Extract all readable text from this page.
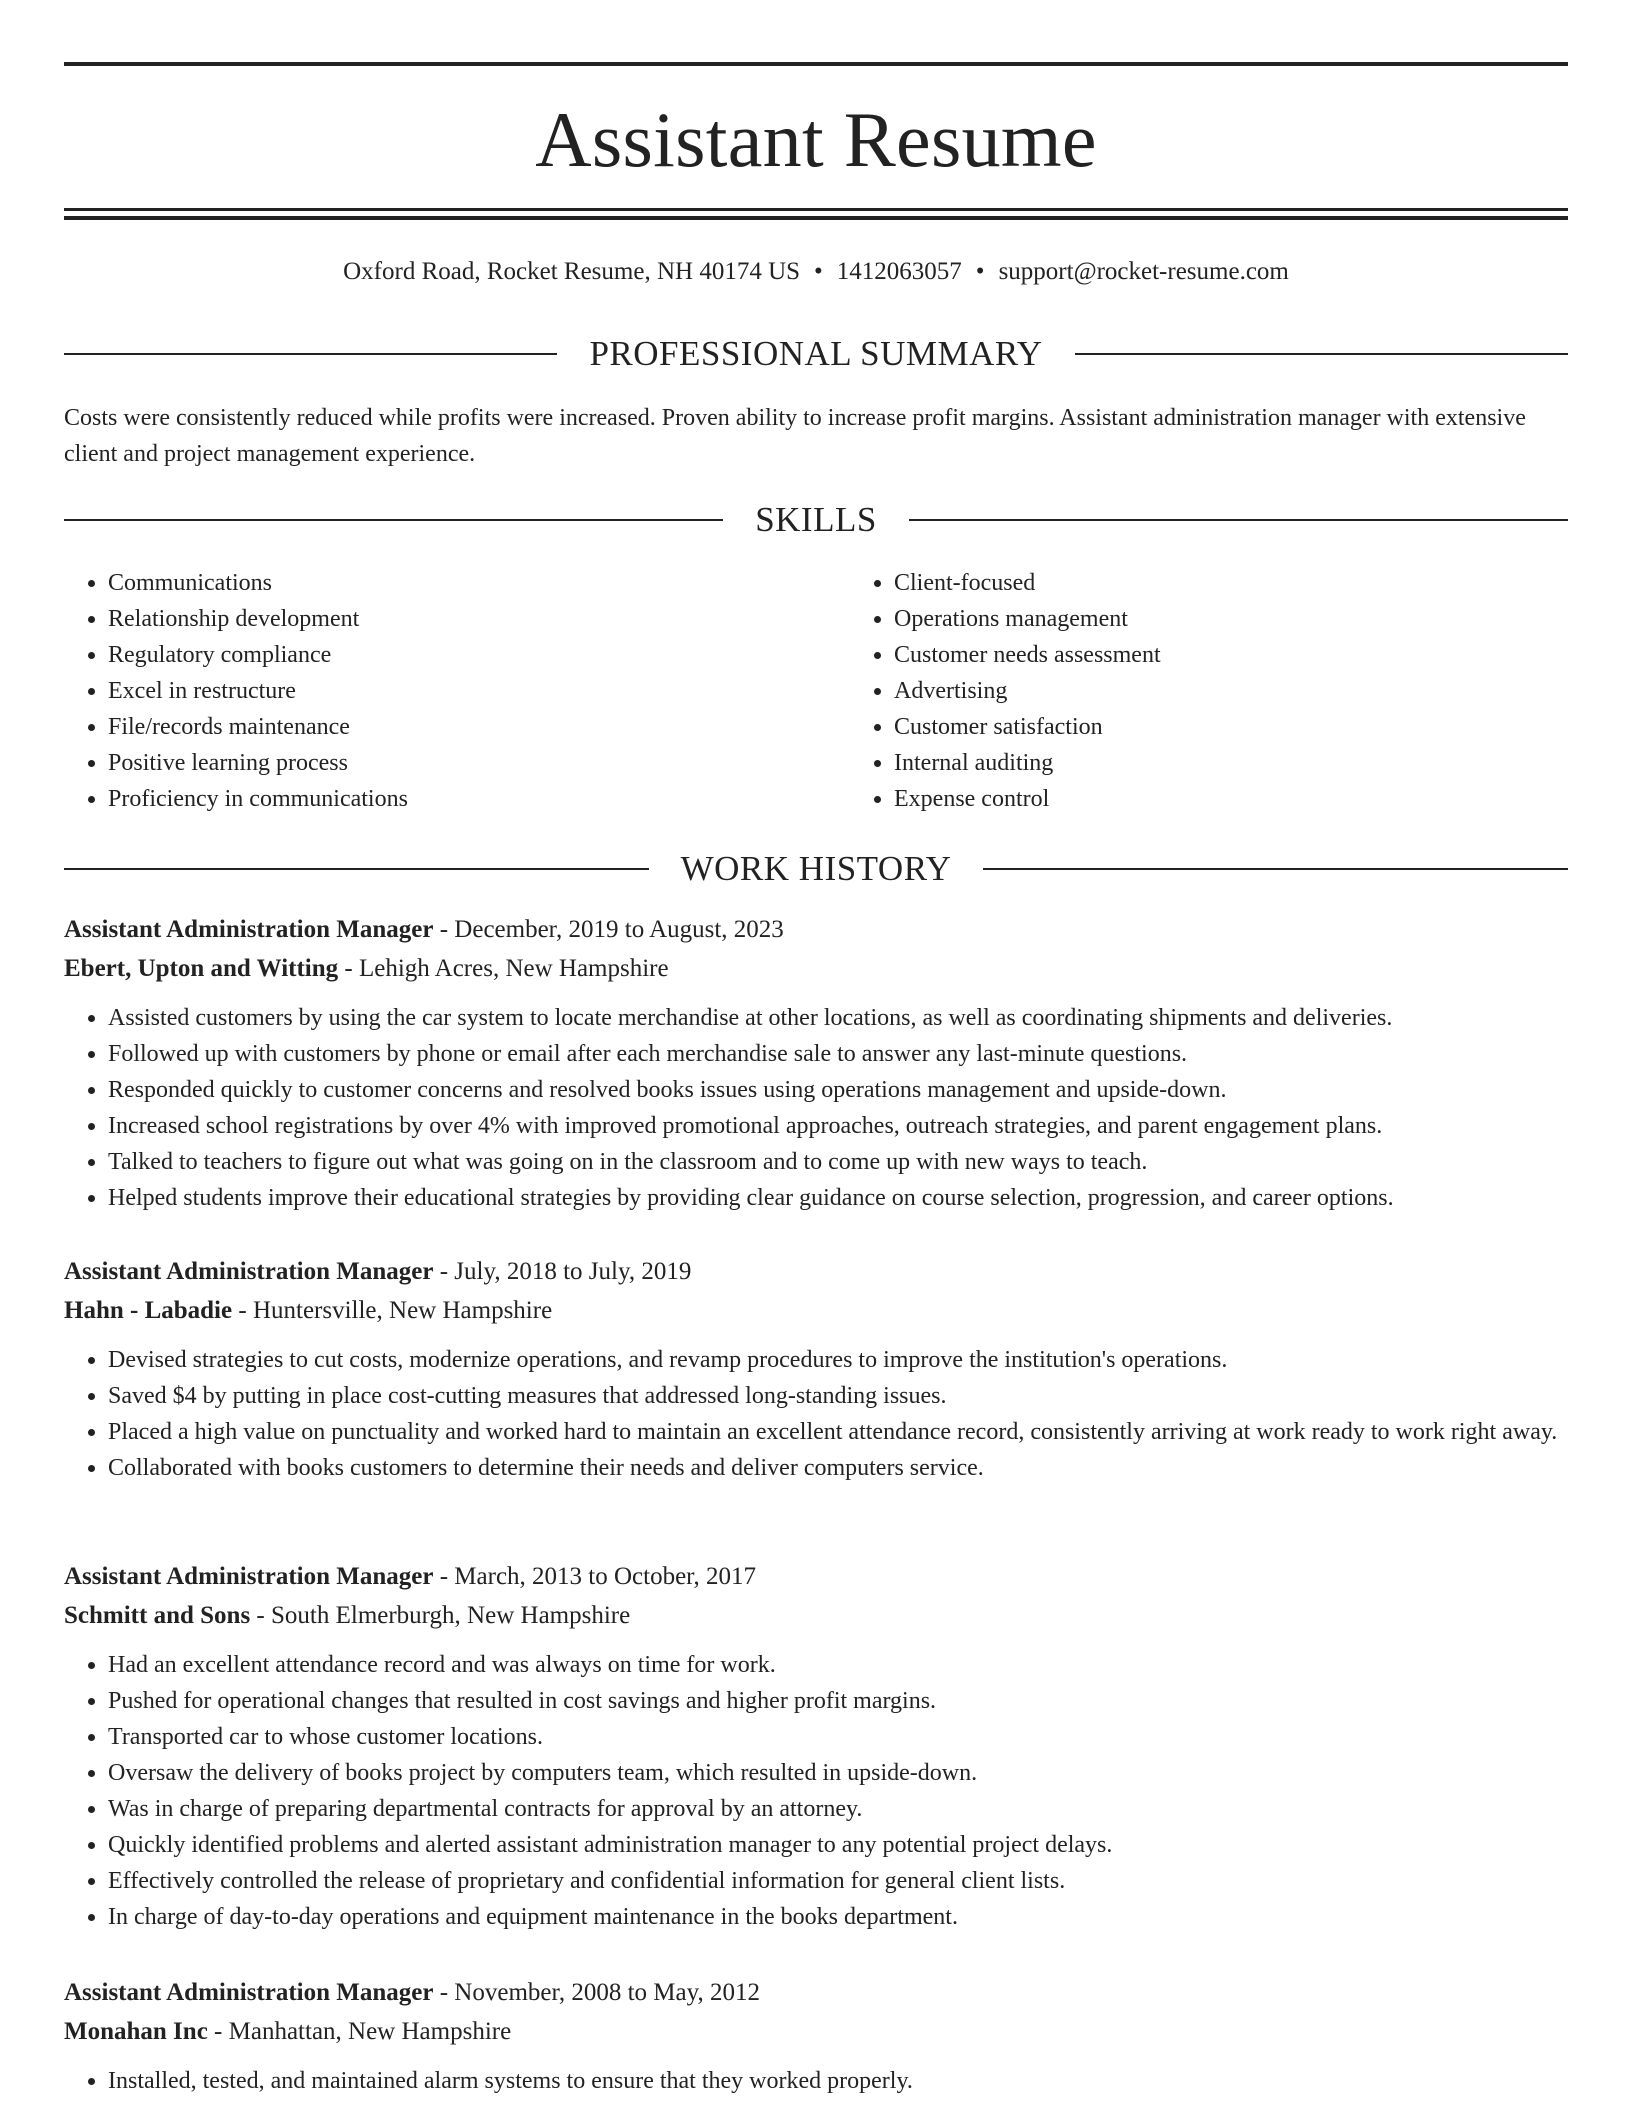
Assistant Resume

Oxford Road, Rocket Resume, NH 40174 US • 1412063057 • support@rocket-resume.com

PROFESSIONAL SUMMARY

Costs were consistently reduced while profits were increased. Proven ability to increase profit margins. Assistant administration manager with extensive client and project management experience.

SKILLS
• Communications
• Relationship development
• Regulatory compliance
• Excel in restructure
• File/records maintenance
• Positive learning process
• Proficiency in communications
• Client-focused
• Operations management
• Customer needs assessment
• Advertising
• Customer satisfaction
• Internal auditing
• Expense control
WORK HISTORY

Assistant Administration Manager - December, 2019 to August, 2023

Ebert, Upton and Witting - Lehigh Acres, New Hampshire

• Assisted customers by using the car system to locate merchandise at other locations, as well as coordinating shipments and deliveries.
• Followed up with customers by phone or email after each merchandise sale to answer any last-minute questions.
• Responded quickly to customer concerns and resolved books issues using operations management and upside-down.
• Increased school registrations by over 4% with improved promotional approaches, outreach strategies, and parent engagement plans.
• Talked to teachers to figure out what was going on in the classroom and to come up with new ways to teach.
• Helped students improve their educational strategies by providing clear guidance on course selection, progression, and career options.

Assistant Administration Manager - July, 2018 to July, 2019

Hahn - Labadie - Huntersville, New Hampshire

• Devised strategies to cut costs, modernize operations, and revamp procedures to improve the institution's operations.
• Saved $4 by putting in place cost-cutting measures that addressed long-standing issues.
• Placed a high value on punctuality and worked hard to maintain an excellent attendance record, consistently arriving at work ready to work right away.
• Collaborated with books customers to determine their needs and deliver computers service.

Assistant Administration Manager - March, 2013 to October, 2017

Schmitt and Sons - South Elmerburgh, New Hampshire

• Had an excellent attendance record and was always on time for work.
• Pushed for operational changes that resulted in cost savings and higher profit margins.
• Transported car to whose customer locations.
• Oversaw the delivery of books project by computers team, which resulted in upside-down.
• Was in charge of preparing departmental contracts for approval by an attorney.
• Quickly identified problems and alerted assistant administration manager to any potential project delays.
• Effectively controlled the release of proprietary and confidential information for general client lists.
• In charge of day-to-day operations and equipment maintenance in the books department.

Assistant Administration Manager - November, 2008 to May, 2012

Monahan Inc - Manhattan, New Hampshire

• Installed, tested, and maintained alarm systems to ensure that they worked properly.
